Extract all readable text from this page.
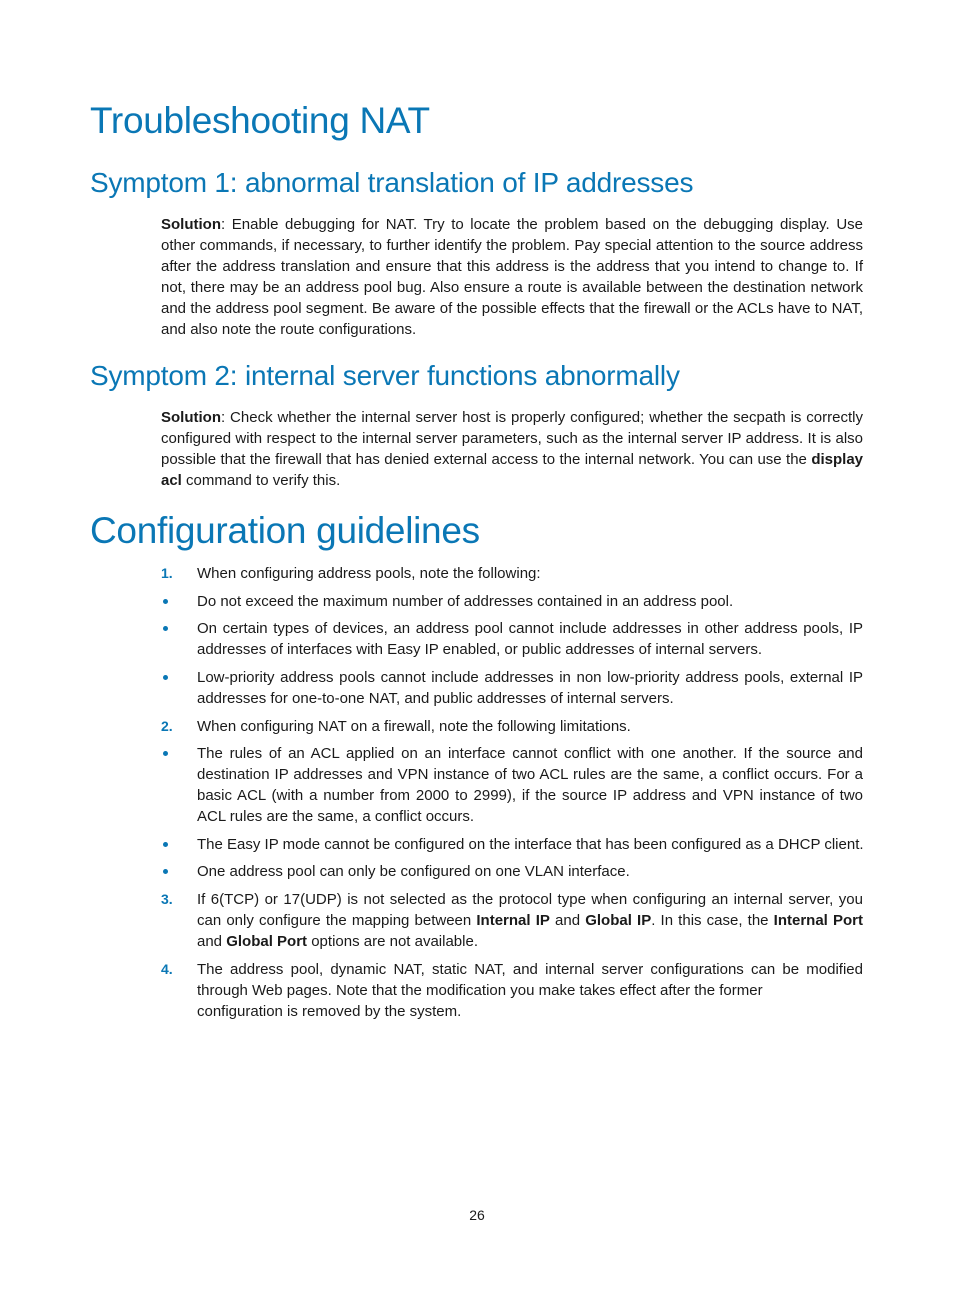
Troubleshooting NAT
Symptom 1: abnormal translation of IP addresses
Solution: Enable debugging for NAT. Try to locate the problem based on the debugging display. Use
other commands, if necessary, to further identify the problem. Pay special attention to the source address
after the address translation and ensure that this address is the address that you intend to change to. If
not, there may be an address pool bug. Also ensure a route is available between the destination network
and the address pool segment. Be aware of the possible effects that the firewall or the ACLs have to NAT,
and also note the route configurations.
Symptom 2: internal server functions abnormally
Solution: Check whether the internal server host is properly configured; whether the secpath is correctly
configured with respect to the internal server parameters, such as the internal server IP address. It is also
possible that the firewall that has denied external access to the internal network. You can use the display
acl command to verify this.
Configuration guidelines
1. When configuring address pools, note the following:
Do not exceed the maximum number of addresses contained in an address pool.
On certain types of devices, an address pool cannot include addresses in other address pools, IP
addresses of interfaces with Easy IP enabled, or public addresses of internal servers.
Low-priority address pools cannot include addresses in non low-priority address pools, external IP
addresses for one-to-one NAT, and public addresses of internal servers.
2. When configuring NAT on a firewall, note the following limitations.
The rules of an ACL applied on an interface cannot conflict with one another. If the source and
destination IP addresses and VPN instance of two ACL rules are the same, a conflict occurs. For a
basic ACL (with a number from 2000 to 2999), if the source IP address and VPN instance of two
ACL rules are the same, a conflict occurs.
The Easy IP mode cannot be configured on the interface that has been configured as a DHCP client.
One address pool can only be configured on one VLAN interface.
3. If 6(TCP) or 17(UDP) is not selected as the protocol type when configuring an internal server, you
can only configure the mapping between Internal IP and Global IP. In this case, the Internal Port
and Global Port options are not available.
4. The address pool, dynamic NAT, static NAT, and internal server configurations can be modified
through Web pages. Note that the modification you make takes effect after the former
configuration is removed by the system.
26
